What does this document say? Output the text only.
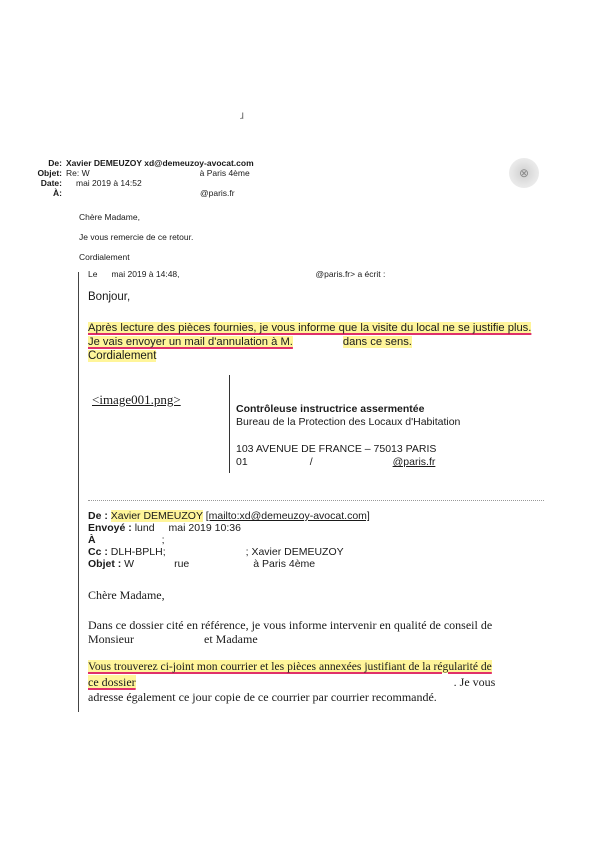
ɹ
⊗
De: Xavier DEMEUZOY xd@demeuzoy-avocat.com
Objet: Re: W	à Paris 4ème
Date: mai 2019 à 14:52
À:	@paris.fr
Chère Madame,
Je vous remercie de ce retour.
Cordialement
Le mai 2019 à 14:48,	@paris.fr> a écrit :
Bonjour,
Après lecture des pièces fournies, je vous informe que la visite du local ne se justifie plus.
Je vais envoyer un mail d'annulation à M.	dans ce sens.
Cordialement
<image001.png>
Contrôleuse instructrice assermentée
Bureau de la Protection des Locaux d'Habitation
103 AVENUE DE FRANCE – 75013 PARIS
01	/	@paris.fr
De : Xavier DEMEUZOY [mailto:xd@demeuzoy-avocat.com]
Envoyé : lund mai 2019 10:36
À	;
Cc : DLH-BPLH;	; Xavier DEMEUZOY
Objet : W	rue	à Paris 4ème
Chère Madame,
Dans ce dossier cité en référence, je vous informe intervenir en qualité de conseil de
Monsieur	et Madame
Vous trouverez ci-joint mon courrier et les pièces annexées justifiant de la régularité de
ce dossier	. Je vous
adresse également ce jour copie de ce courrier par courrier recommandé.
